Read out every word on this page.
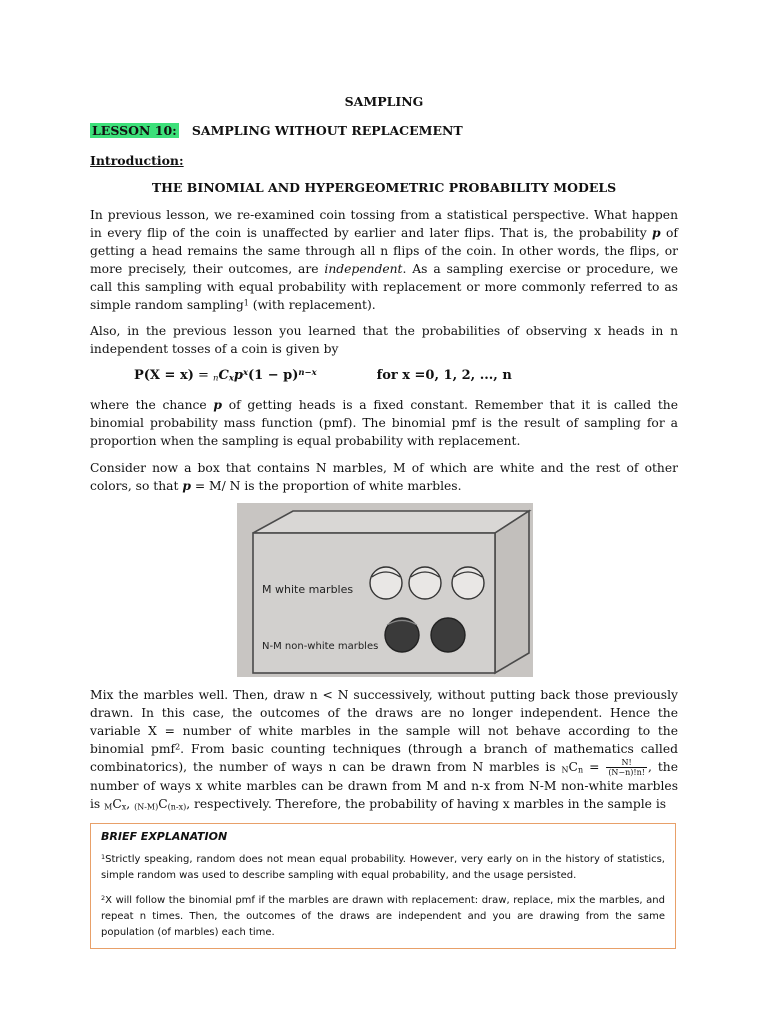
SAMPLING
LESSON 10: SAMPLING WITHOUT REPLACEMENT
Introduction:
THE BINOMIAL AND HYPERGEOMETRIC PROBABILITY MODELS

In previous lesson, we re-examined coin tossing from a statistical perspective. What happen in every flip of the coin is unaffected by earlier and later flips. That is, the probability p of getting a head remains the same through all n flips of the coin. In other words, the flips, or more precisely, their outcomes, are independent. As a sampling exercise or procedure, we call this sampling with equal probability with replacement or more commonly referred to as simple random sampling$^1$ (with replacement).

Also, in the previous lesson you learned that the probabilities of observing x heads in n independent tosses of a coin is given by

$P(X = x) = _nC_xp^x(1 - p)^{n-x}$	for x =0, 1, 2, ..., n

where the chance p of getting heads is a fixed constant. Remember that it is called the binomial probability mass function (pmf). The binomial pmf is the result of sampling for a proportion when the sampling is equal probability with replacement.

Consider now a box that contains N marbles, M of which are white and the rest of other colors, so that p = M/ N is the proportion of white marbles.

M white marbles
N-M non-white marbles

Mix the marbles well. Then, draw n < N successively, without putting back those previously drawn. In this case, the outcomes of the draws are no longer independent. Hence the variable X = number of white marbles in the sample will not behave according to the binomial pmf$^2$. From basic counting techniques (through a branch of mathematics called combinatorics), the number of ways n can be drawn from N marbles is $_NC_n = \frac{N!}{(N-n)!n!}$ , the number of ways x white marbles can be drawn from M and n-x from N-M non-white marbles is $_MC_x$, $_{(N-M)}C_{(n-x)}$, respectively. Therefore, the probability of having x marbles in the sample is

BRIEF EXPLANATION

$^1$Strictly speaking, random does not mean equal probability. However, very early on in the history of statistics, simple random was used to describe sampling with equal probability, and the usage persisted.

$^2$X will follow the binomial pmf if the marbles are drawn with replacement: draw, replace, mix the marbles, and repeat n times. Then, the outcomes of the draws are independent and you are drawing from the same population (of marbles) each time.
